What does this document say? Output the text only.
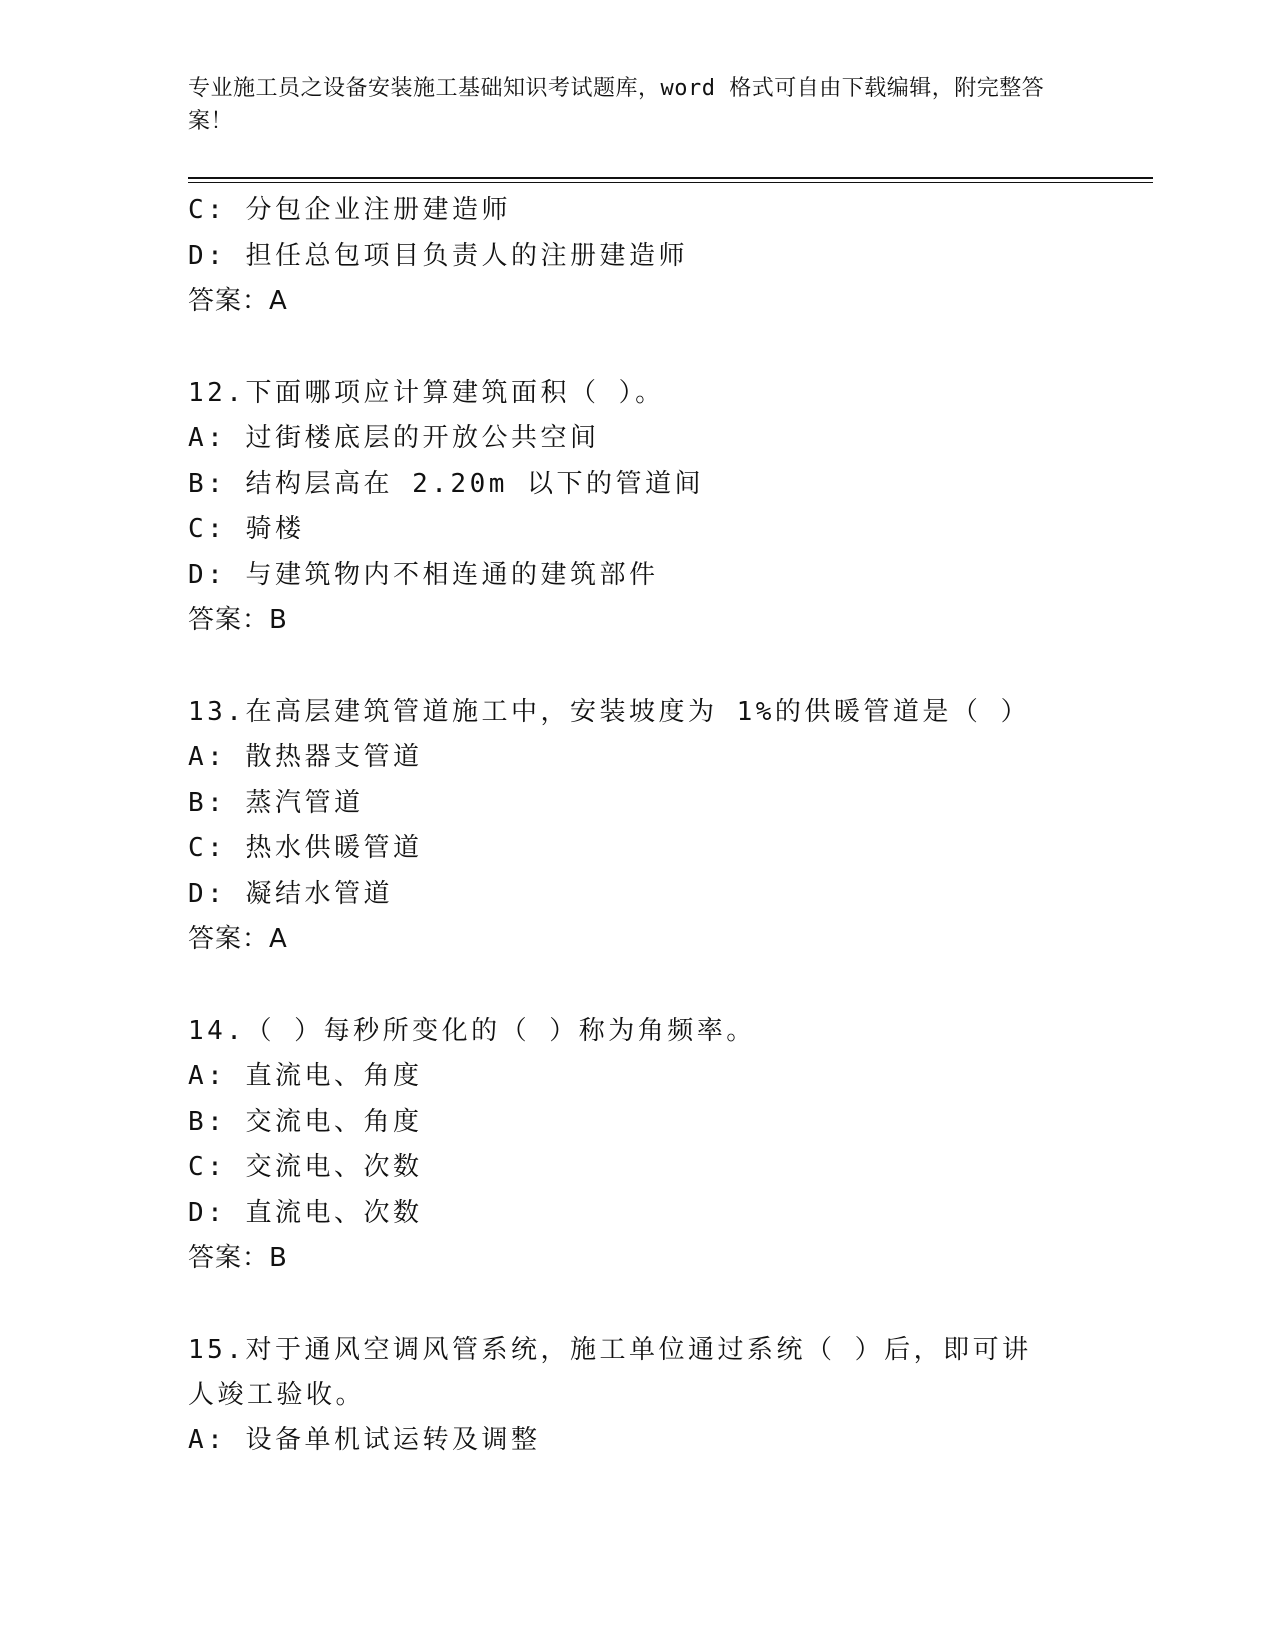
专业施工员之设备安装施工基础知识考试题库，word 格式可自由下载编辑，附完整答案！
C: 分包企业注册建造师
D: 担任总包项目负责人的注册建造师
答案：A
12.下面哪项应计算建筑面积（ ）。
A: 过街楼底层的开放公共空间
B: 结构层高在 2.20m 以下的管道间
C: 骑楼
D: 与建筑物内不相连通的建筑部件
答案：B
13.在高层建筑管道施工中，安装坡度为 1%的供暖管道是（ ）
A: 散热器支管道
B: 蒸汽管道
C: 热水供暖管道
D: 凝结水管道
答案：A
14.（ ）每秒所变化的（ ）称为角频率。
A: 直流电、角度
B: 交流电、角度
C: 交流电、次数
D: 直流电、次数
答案：B
15.对于通风空调风管系统，施工单位通过系统（ ）后，即可讲人竣工验收。
A: 设备单机试运转及调整
